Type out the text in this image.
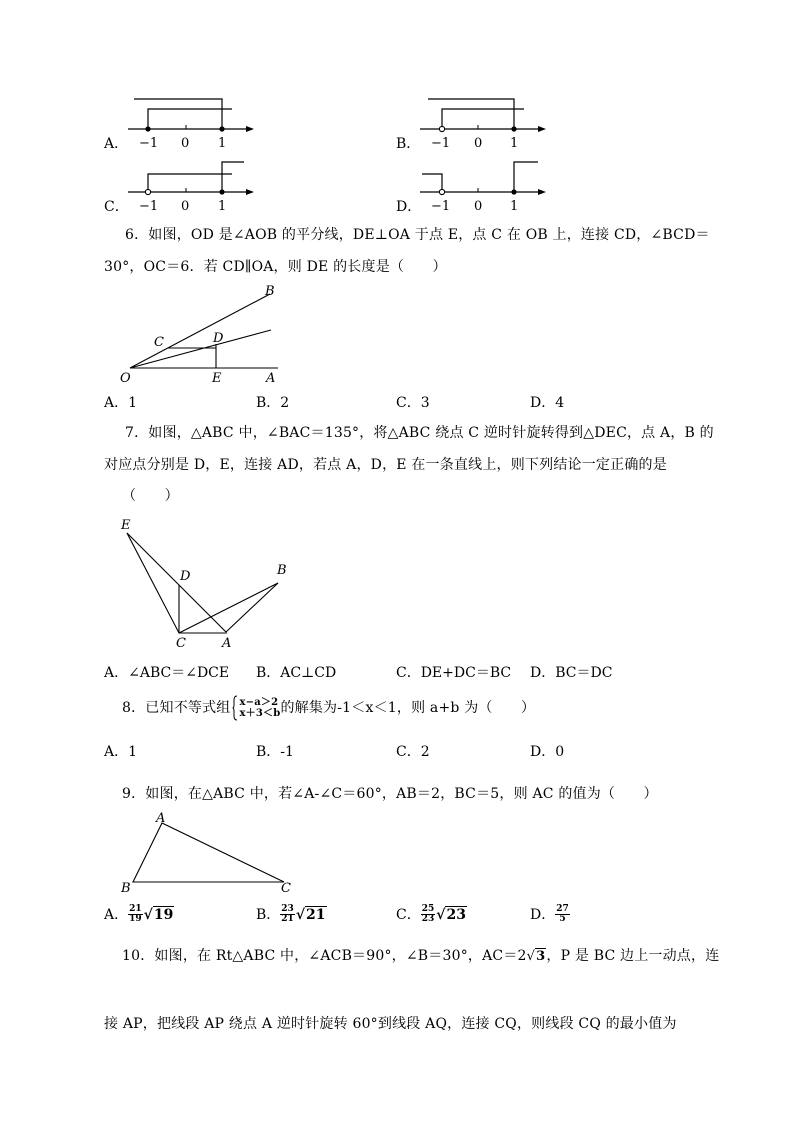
A． −1 0 1	B． −1 0 1
C． −1 0 1	D． −1 0 1
6．如图，OD 是∠AOB 的平分线，DE⊥OA 于点 E，点 C 在 OB 上，连接 CD，∠BCD＝
30°，OC＝6．若 CD∥OA，则 DE 的长度是（　　）
B
C	D
O	E	A
A．1	B．2	C．3	D．4
7．如图，△ABC 中，∠BAC＝135°，将△ABC 绕点 C 逆时针旋转得到△DEC，点 A，B 的
对应点分别是 D，E，连接 AD，若点 A，D，E 在一条直线上，则下列结论一定正确的是
（　　）
E
D	B
C	A
A．∠ABC＝∠DCE B．AC⊥CD	C．DE+DC＝BC D．BC＝DC
8．已知不等式组 x−a＞2
x＋3＜b 的解集为-1＜x＜1，则 a+b 为（　　）
A．1	B．-1	C．2	D．0
9．如图，在△ABC 中，若∠A-∠C＝60°，AB＝2，BC＝5，则 AC 的值为（　　）
A
B	C
A． $\frac{21}{19} √19$	B． $\frac{23}{21} √21$	C． $\frac{25}{23} √23$	D． $\frac{27}{5}$
10．如图，在 Rt△ABC 中，∠ACB＝90°，∠B＝30°，AC＝2 √3 ，P 是 BC 边上一动点，连
接 AP，把线段 AP 绕点 A 逆时针旋转 60°到线段 AQ，连接 CQ，则线段 CQ 的最小值为
